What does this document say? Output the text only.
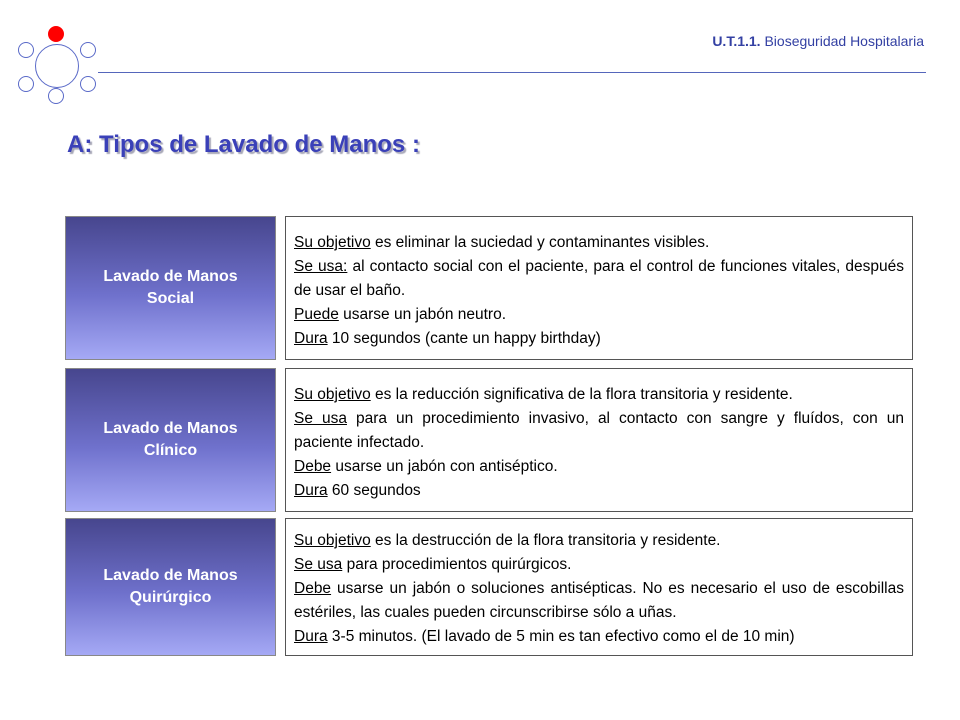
U.T.1.1. Bioseguridad Hospitalaria
A: Tipos de Lavado de Manos :
Lavado de Manos
Social

Su objetivo es eliminar la suciedad y contaminantes visibles.

Se usa: al contacto social con el paciente, para el control de funciones vitales, después de usar el baño.

Puede usarse un jabón neutro.

Dura 10 segundos (cante un happy birthday)

Lavado de Manos
Clínico

Su objetivo es la reducción significativa de la flora transitoria y residente.

Se usa para un procedimiento invasivo, al contacto con sangre y fluídos, con un paciente infectado.

Debe usarse un jabón con antiséptico.

Dura 60 segundos

Lavado de Manos
Quirúrgico

Su objetivo es la destrucción de la flora transitoria y residente.

Se usa para procedimientos quirúrgicos.

Debe usarse un jabón o soluciones antisépticas. No es necesario el uso de escobillas estériles, las cuales pueden circunscribirse sólo a uñas.

Dura 3-5 minutos. (El lavado de 5 min es tan efectivo como el de 10 min)
